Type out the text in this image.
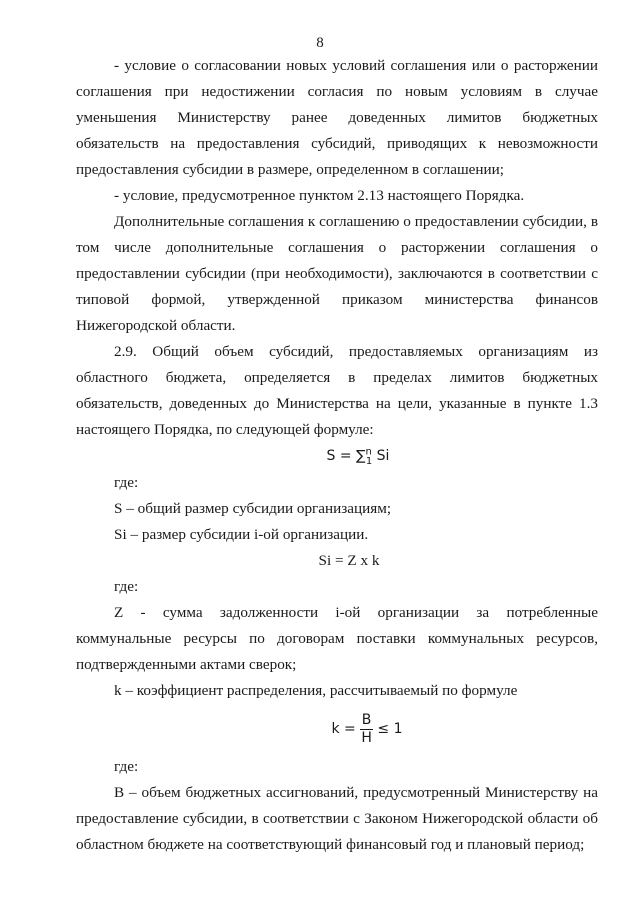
8

- условие о согласовании новых условий соглашения или о расторжении соглашения при недостижении согласия по новым условиям в случае уменьшения Министерству ранее доведенных лимитов бюджетных обязательств на предоставления субсидий, приводящих к невозможности предоставления субсидии в размере, определенном в соглашении;

- условие, предусмотренное пунктом 2.13 настоящего Порядка.

Дополнительные соглашения к соглашению о предоставлении субсидии, в том числе дополнительные соглашения о расторжении соглашения о предоставлении субсидии (при необходимости), заключаются в соответствии с типовой формой, утвержденной приказом министерства финансов Нижегородской области.

2.9. Общий объем субсидий, предоставляемых организациям из областного бюджета, определяется в пределах лимитов бюджетных обязательств, доведенных до Министерства на цели, указанные в пункте 1.3 настоящего Порядка, по следующей формуле:

S = ∑$^n_1$ Si

где:

S – общий размер субсидии организациям;

Si – размер субсидии i-ой организации.

Si = Z x k

где:

Z - сумма задолженности i-ой организации за потребленные коммунальные ресурсы по договорам поставки коммунальных ресурсов, подтвержденными актами сверок;

k – коэффициент распределения, рассчитываемый по формуле

$k = \frac{В}{Н} \le 1$

где:

В – объем бюджетных ассигнований, предусмотренный Министерству на предоставление субсидии, в соответствии с Законом Нижегородской области об областном бюджете на соответствующий финансовый год и плановый период;
